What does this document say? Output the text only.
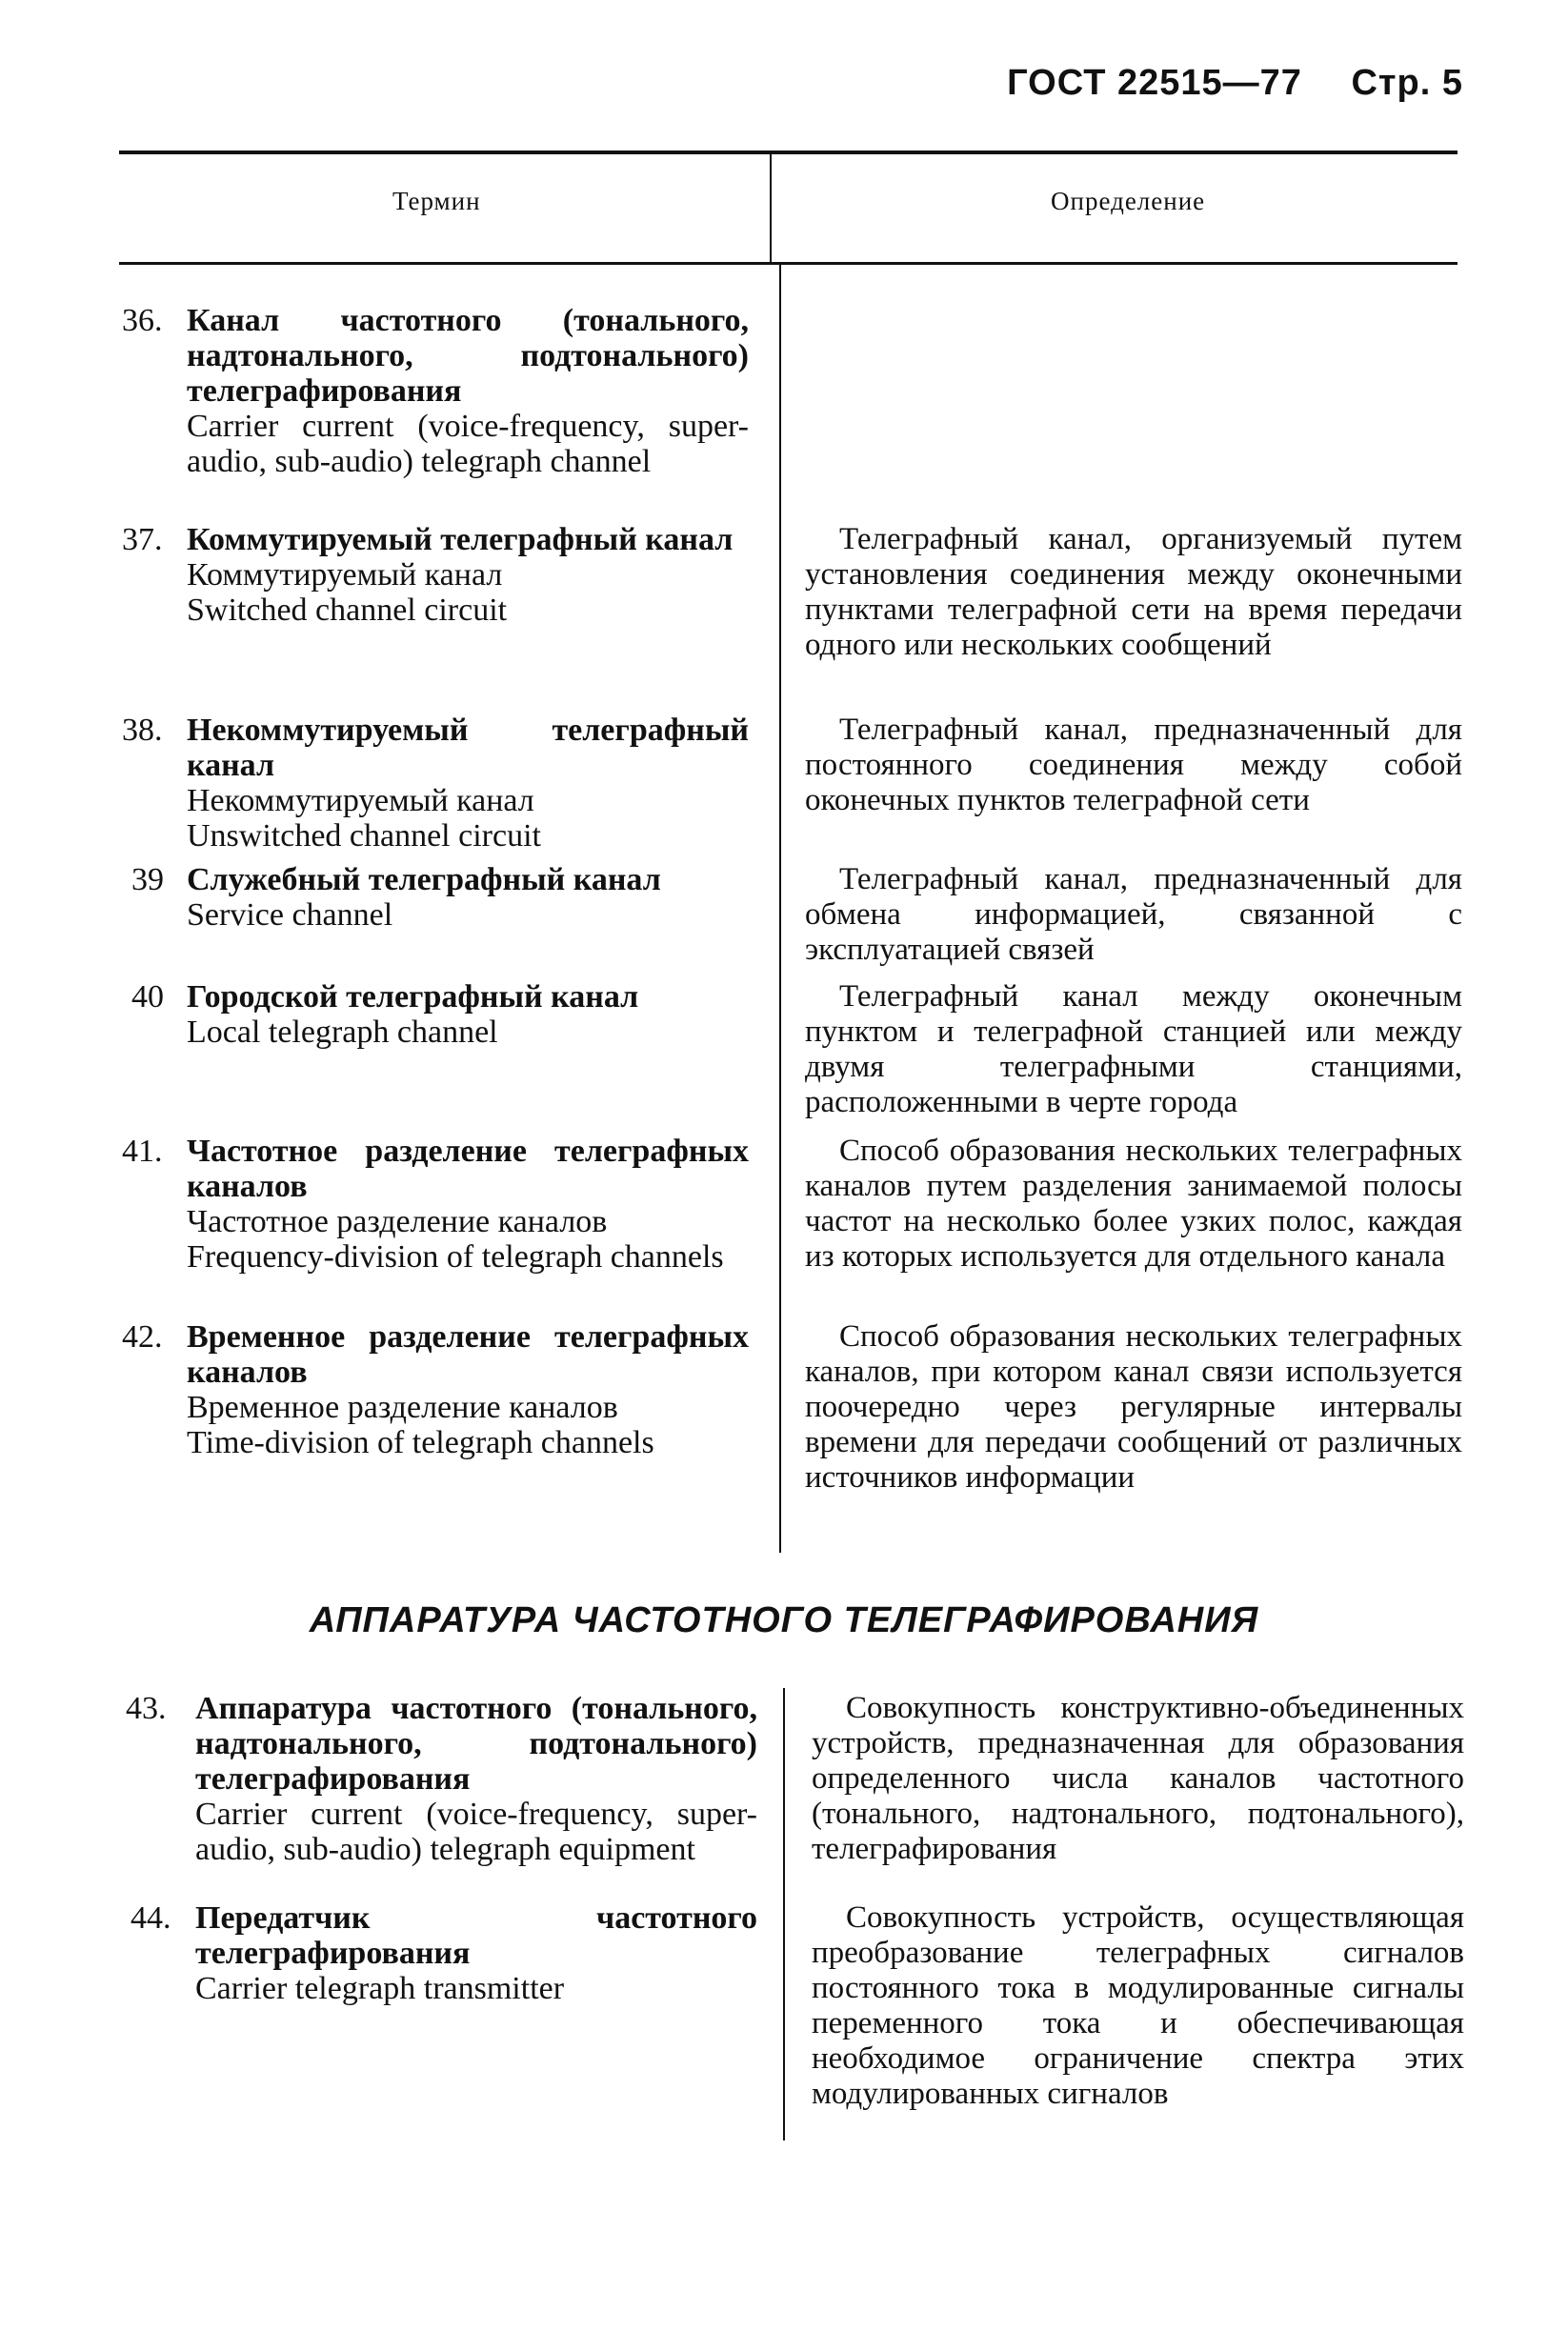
ГОСТ 22515—77 Стр. 5
Термин	Определение
36. Канал частотного (тонального, надтонального, подтонального) телеграфирования
Carrier current (voice-frequency, super-audio, sub-audio) telegraph channel
37. Коммутируемый телеграфный канал
Коммутируемый канал
Switched channel circuit
Телеграфный канал, организуемый путем установления соединения между оконечными пунктами телеграфной сети на время передачи одного или нескольких сообщений
38. Некоммутируемый телеграфный канал
Некоммутируемый канал
Unswitched channel circuit
Телеграфный канал, предназначенный для постоянного соединения между собой оконечных пунктов телеграфной сети
39 Служебный телеграфный канал
Service channel
Телеграфный канал, предназначенный для обмена информацией, связанной с эксплуатацией связей
40 Городской телеграфный канал
Local telegraph channel
Телеграфный канал между оконечным пунктом и телеграфной станцией или между двумя телеграфными станциями, расположенными в черте города
41. Частотное разделение телеграфных каналов
Частотное разделение каналов
Frequency-division of telegraph channels
Способ образования нескольких телеграфных каналов путем разделения занимаемой полосы частот на несколько более узких полос, каждая из которых используется для отдельного канала
42. Временное разделение телеграфных каналов
Временное разделение каналов
Time-division of telegraph channels
Способ образования нескольких телеграфных каналов, при котором канал связи используется поочередно через регулярные интервалы времени для передачи сообщений от различных источников информации
АППАРАТУРА ЧАСТОТНОГО ТЕЛЕГРАФИРОВАНИЯ
43. Аппаратура частотного (тонального, надтонального, подтонального) телеграфирования
Carrier current (voice-frequency, super-audio, sub-audio) telegraph equipment
Совокупность конструктивно-объединенных устройств, предназначенная для образования определенного числа каналов частотного (тонального, надтонального, подтонального), телеграфирования
44. Передатчик частотного телеграфирования
Carrier telegraph transmitter
Совокупность устройств, осуществляющая преобразование телеграфных сигналов постоянного тока в модулированные сигналы переменного тока и обеспечивающая необходимое ограничение спектра этих модулированных сигналов
